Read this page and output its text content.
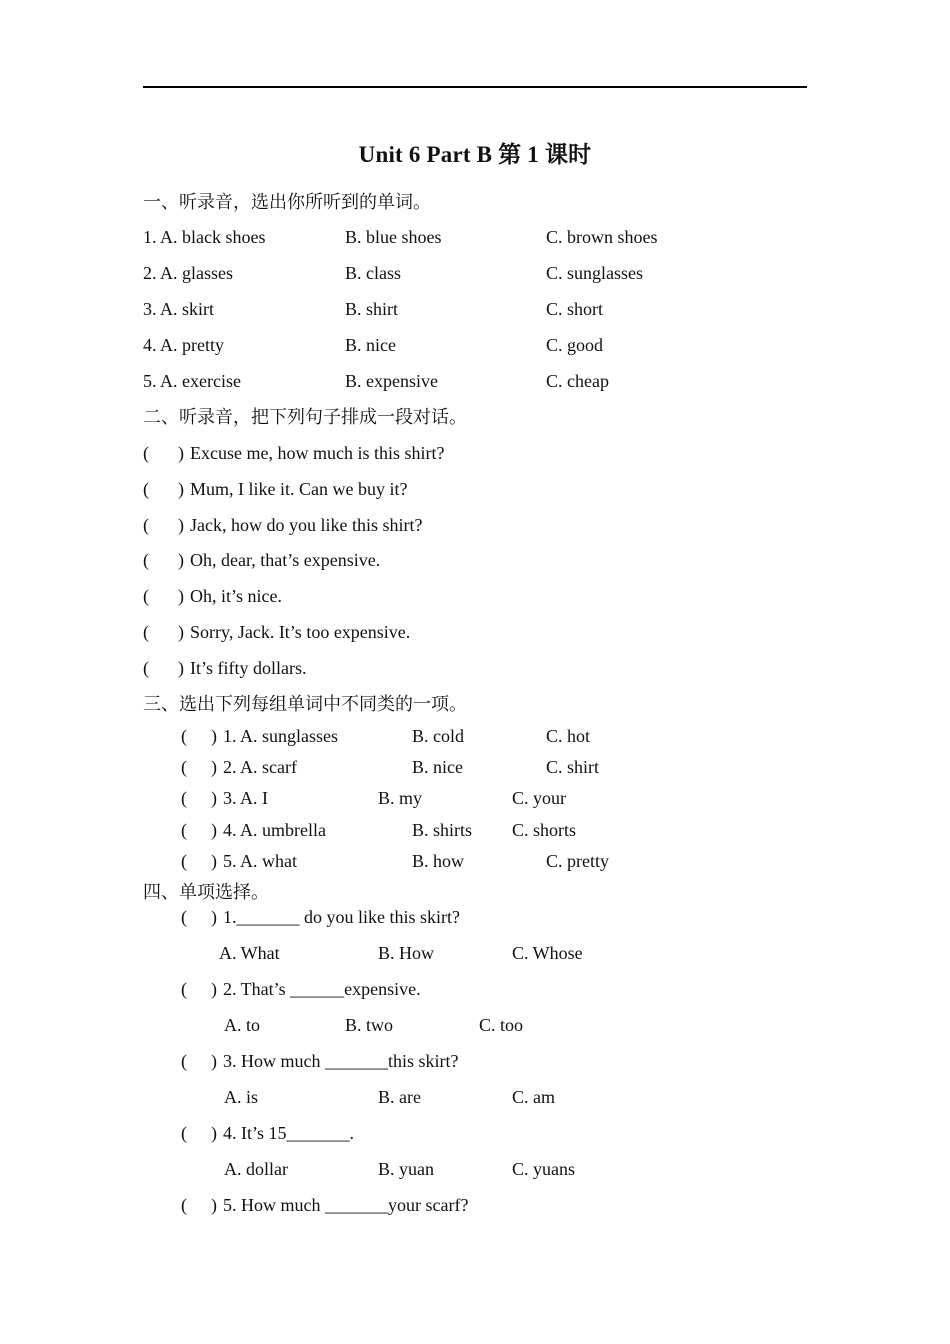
Unit 6 Part B 第 1 课时
一、听录音，选出你所听到的单词。
1. A. black shoes	B. blue shoes	C. brown shoes
2. A. glasses	B. class	C. sunglasses
3. A. skirt	B. shirt	C. short
4. A. pretty	B. nice	C. good
5. A. exercise	B. expensive	C. cheap
二、听录音，把下列句子排成一段对话。
( ) Excuse me, how much is this shirt?
( ) Mum, I like it. Can we buy it?
( ) Jack, how do you like this shirt?
( ) Oh, dear, that’s expensive.
( ) Oh, it’s nice.
( ) Sorry, Jack. It’s too expensive.
( ) It’s fifty dollars.
三、选出下列每组单词中不同类的一项。
( ) 1. A. sunglasses	B. cold	C. hot
( ) 2. A. scarf	B. nice	C. shirt
( ) 3. A. I	B. my	C. your
( ) 4. A. umbrella	B. shirts C. shorts
( ) 5. A. what	B. how	C. pretty
四、单项选择。
( ) 1._______ do you like this skirt?
A. What	B. How	C. Whose
( ) 2. That’s ______expensive.
A. to	B. two	C. too
( ) 3. How much _______this skirt?
A. is	B. are	C. am
( ) 4. It’s 15_______.
A. dollar	B. yuan	C. yuans
( ) 5. How much _______your scarf?
